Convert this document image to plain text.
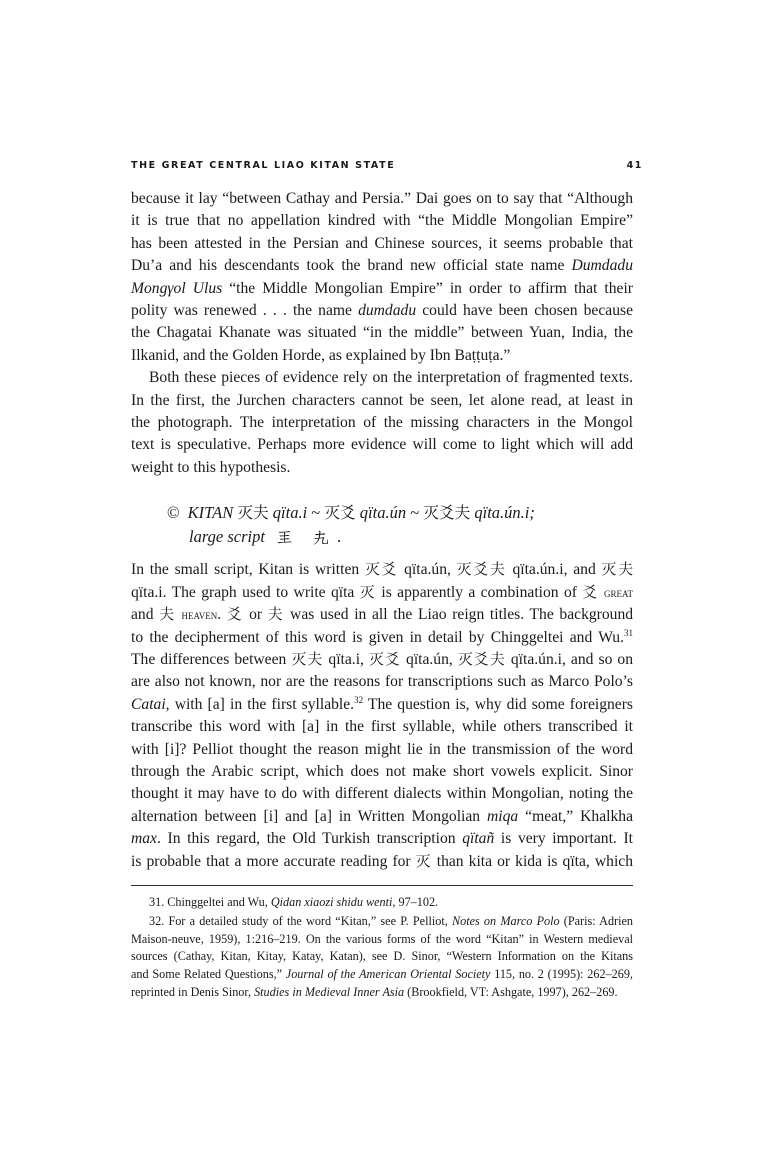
THE GREAT CENTRAL LIAO KITAN STATE	41
because it lay “between Cathay and Persia.” Dai goes on to say that “Although
it is true that no appellation kindred with “the Middle Mongolian Empire”
has been attested in the Persian and Chinese sources, it seems probable that
Du’a and his descendants took the brand new official state name Dumdadu
Mongγol Ulus “the Middle Mongolian Empire” in order to affirm that their
polity was renewed . . . the name dumdadu could have been chosen because
the Chagatai Khanate was situated “in the middle” between Yuan, India, the
Ilkanid, and the Golden Horde, as explained by Ibn Baṭṭuṭa.”
Both these pieces of evidence rely on the interpretation of fragmented texts.
In the first, the Jurchen characters cannot be seen, let alone read, at least in
the photograph. The interpretation of the missing characters in the Mongol
text is speculative. Perhaps more evidence will come to light which will add
weight to this hypothesis.
© KITAN 灭夫 qïta.i ~ 灭爻 qïta.ún ~ 灭爻夫 qïta.ún.i;
large script 𘬮 𘭱.
In the small script, Kitan is written 灭爻 qïta.ún, 灭爻夫 qïta.ún.i, and 灭夫
qïta.i. The graph used to write qïta 灭 is apparently a combination of 爻 great
and 夫 heaven. 爻 or 夫 was used in all the Liao reign titles. The background
to the decipherment of this word is given in detail by Chinggeltei and Wu.$^{31}$
The differences between 灭夫 qïta.i, 灭爻 qïta.ún, 灭爻夫 qïta.ún.i, and so on
are also not known, nor are the reasons for transcriptions such as Marco Polo’s
Catai, with [a] in the first syllable.$^{32}$ The question is, why did some foreigners
transcribe this word with [a] in the first syllable, while others transcribed it
with [i]? Pelliot thought the reason might lie in the transmission of the word
through the Arabic script, which does not make short vowels explicit. Sinor
thought it may have to do with different dialects within Mongolian, noting the
alternation between [i] and [a] in Written Mongolian miqa “meat,” Khalkha
max. In this regard, the Old Turkish transcription qïtañ is very important. It
is probable that a more accurate reading for 灭 than kita or kida is qïta, which
31. Chinggeltei and Wu, Qidan xiaozi shidu wenti, 97–102.
32. For a detailed study of the word “Kitan,” see P. Pelliot, Notes on Marco Polo (Paris: Adrien
Maison-neuve, 1959), 1:216–219. On the various forms of the word “Kitan” in Western medieval
sources (Cathay, Kitan, Kitay, Katay, Katan), see D. Sinor, “Western Information on the Kitans
and Some Related Questions,” Journal of the American Oriental Society 115, no. 2 (1995): 262–269,
reprinted in Denis Sinor, Studies in Medieval Inner Asia (Brookfield, VT: Ashgate, 1997), 262–269.
